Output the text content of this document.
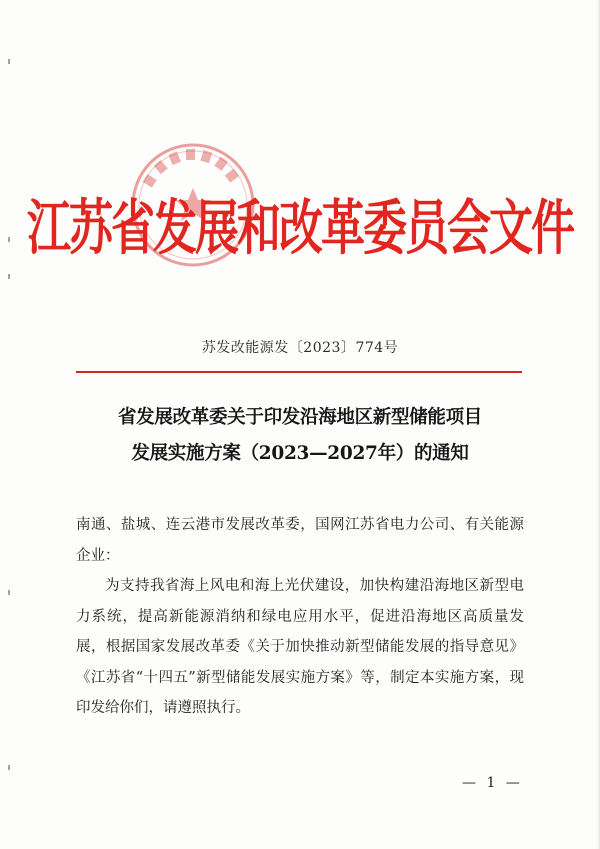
江苏省发展和改革委员会文件
苏发改能源发〔2023〕774号
省发展改革委关于印发沿海地区新型储能项目
发展实施方案（2023—2027年）的通知

南通、盐城、连云港市发展改革委，国网江苏省电力公司、有关能源企业：

为支持我省海上风电和海上光伏建设，加快构建沿海地区新型电力系统，提高新能源消纳和绿电应用水平，促进沿海地区高质量发展，根据国家发展改革委《关于加快推动新型储能发展的指导意见》《江苏省“十四五”新型储能发展实施方案》等，制定本实施方案，现印发给你们，请遵照执行。

— 1 —
